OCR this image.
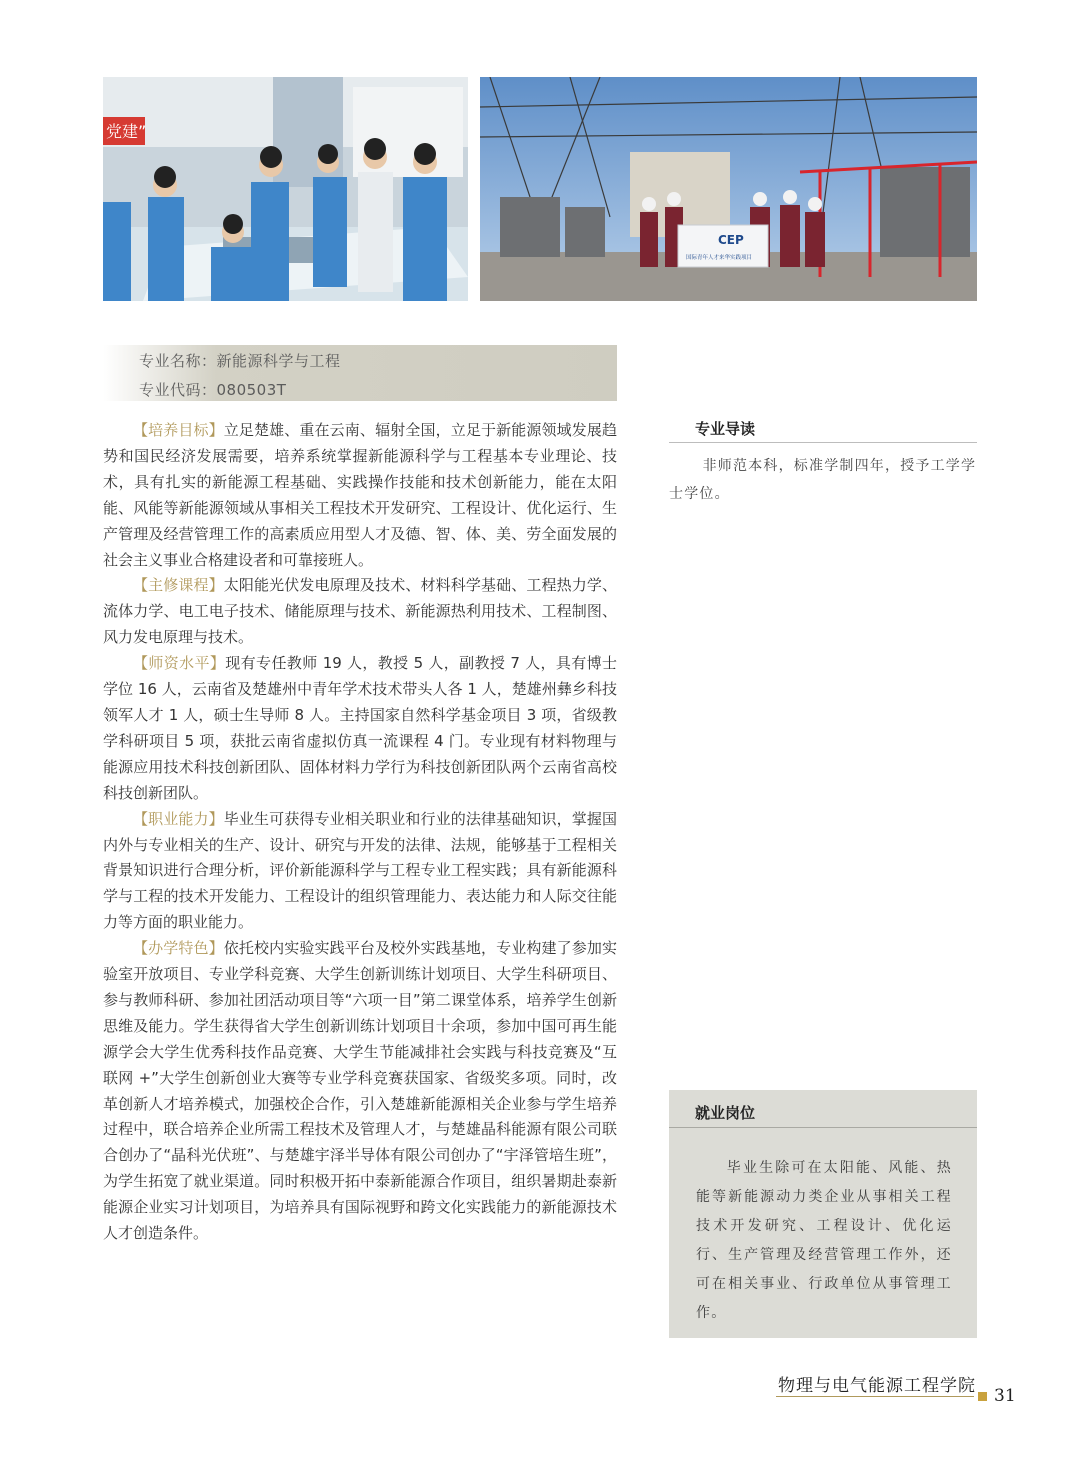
党建”
CEP
国际青年人才来华实践项目
专业名称：新能源科学与工程
专业代码：080503T

【培养目标】立足楚雄、重在云南、辐射全国，立足于新能源领域发展趋势和国民经济发展需要，培养系统掌握新能源科学与工程基本专业理论、技术，具有扎实的新能源工程基础、实践操作技能和技术创新能力，能在太阳能、风能等新能源领域从事相关工程技术开发研究、工程设计、优化运行、生产管理及经营管理工作的高素质应用型人才及德、智、体、美、劳全面发展的社会主义事业合格建设者和可靠接班人。

【主修课程】太阳能光伏发电原理及技术、材料科学基础、工程热力学、流体力学、电工电子技术、储能原理与技术、新能源热利用技术、工程制图、风力发电原理与技术。

【师资水平】现有专任教师 19 人，教授 5 人，副教授 7 人，具有博士学位 16 人，云南省及楚雄州中青年学术技术带头人各 1 人，楚雄州彝乡科技领军人才 1 人，硕士生导师 8 人。主持国家自然科学基金项目 3 项，省级教学科研项目 5 项，获批云南省虚拟仿真一流课程 4 门。专业现有材料物理与能源应用技术科技创新团队、固体材料力学行为科技创新团队两个云南省高校科技创新团队。

【职业能力】毕业生可获得专业相关职业和行业的法律基础知识，掌握国内外与专业相关的生产、设计、研究与开发的法律、法规，能够基于工程相关背景知识进行合理分析，评价新能源科学与工程专业工程实践；具有新能源科学与工程的技术开发能力、工程设计的组织管理能力、表达能力和人际交往能力等方面的职业能力。

【办学特色】依托校内实验实践平台及校外实践基地，专业构建了参加实验室开放项目、专业学科竞赛、大学生创新训练计划项目、大学生科研项目、参与教师科研、参加社团活动项目等“六项一目”第二课堂体系，培养学生创新思维及能力。学生获得省大学生创新训练计划项目十余项，参加中国可再生能源学会大学生优秀科技作品竞赛、大学生节能减排社会实践与科技竞赛及“互联网 +”大学生创新创业大赛等专业学科竞赛获国家、省级奖多项。同时，改革创新人才培养模式，加强校企合作，引入楚雄新能源相关企业参与学生培养过程中，联合培养企业所需工程技术及管理人才，与楚雄晶科能源有限公司联合创办了“晶科光伏班”、与楚雄宇泽半导体有限公司创办了“宇泽管培生班”，为学生拓宽了就业渠道。同时积极开拓中泰新能源合作项目，组织暑期赴泰新能源企业实习计划项目，为培养具有国际视野和跨文化实践能力的新能源技术人才创造条件。

专业导读
非师范本科，标准学制四年，授予工学学士学位。
就业岗位
毕业生除可在太阳能、风能、热能等新能源动力类企业从事相关工程技术开发研究、工程设计、优化运行、生产管理及经营管理工作外，还可在相关事业、行政单位从事管理工作。
物理与电气能源工程学院 31
